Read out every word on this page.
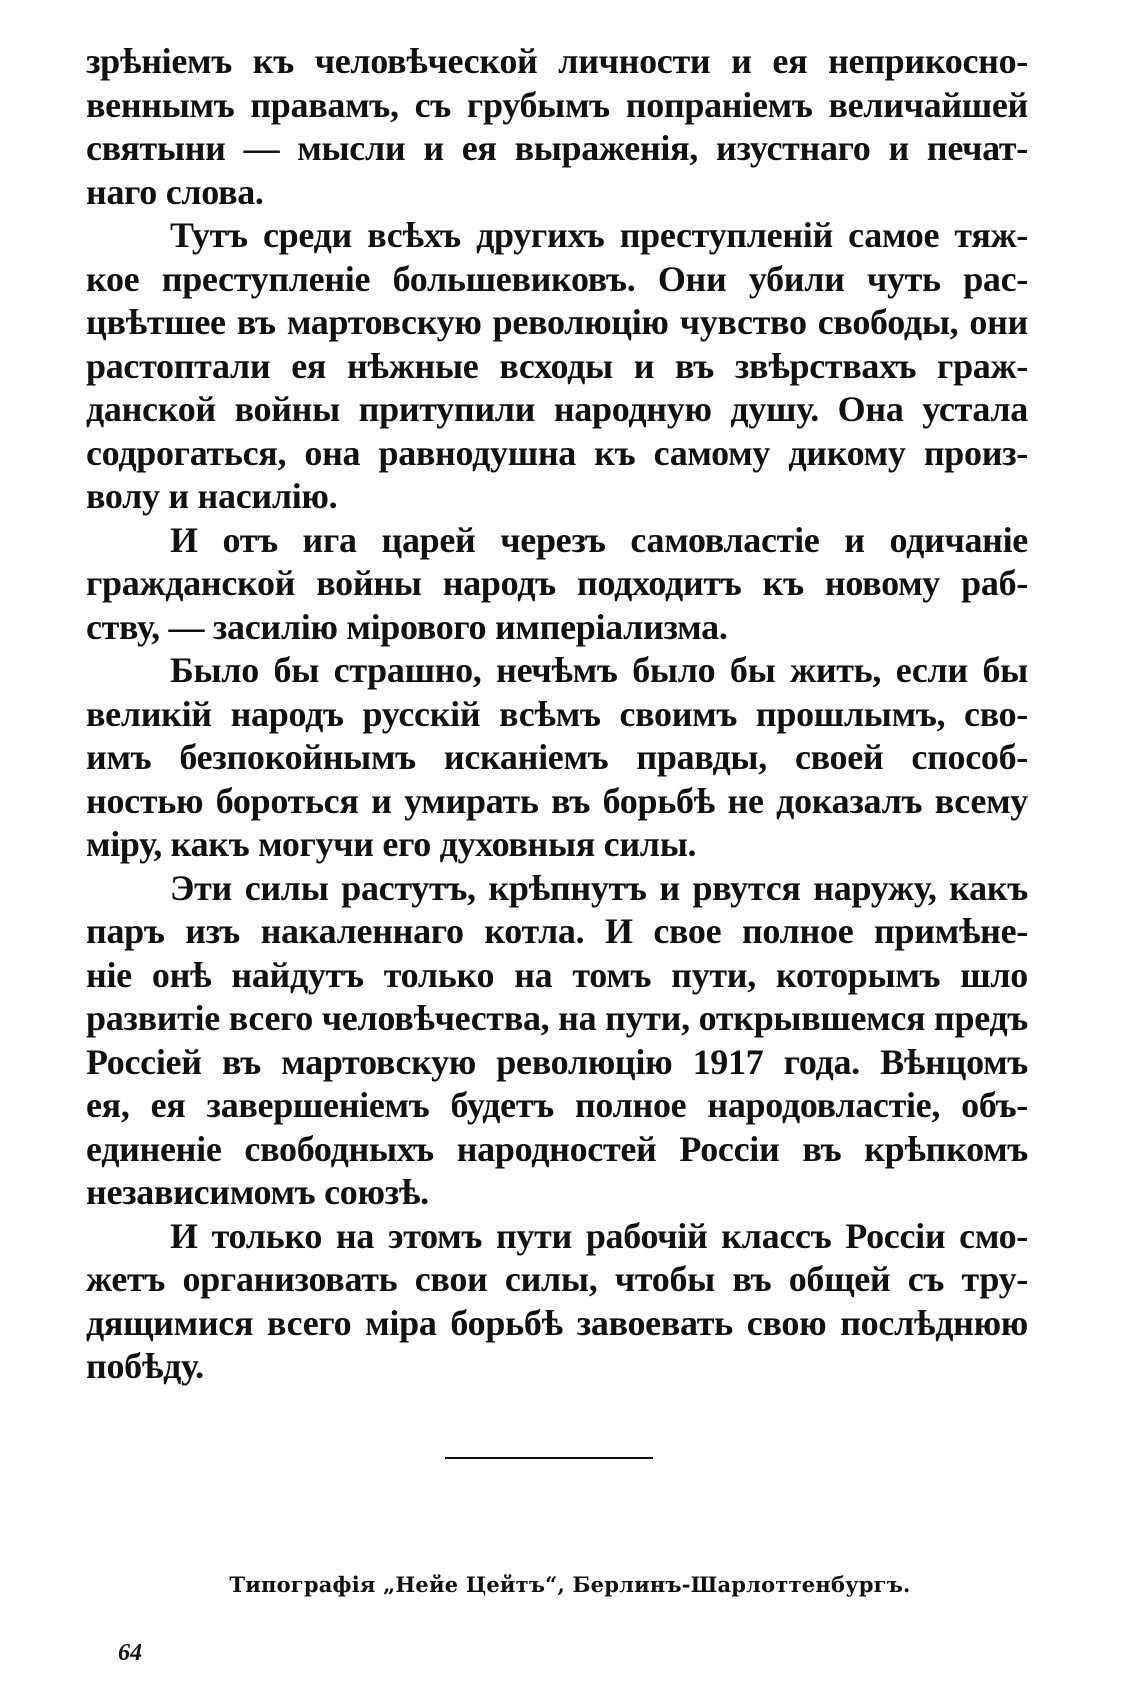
зрѣніемъ къ человѣческой личности и ея неприкосно-
веннымъ правамъ, съ грубымъ попраніемъ величайшей
святыни — мысли и ея выраженія, изустнаго и печат-
наго слова.
Тутъ среди всѣхъ другихъ преступленій самое тяж-
кое преступленіе большевиковъ. Они убили чуть рас-
цвѣтшее въ мартовскую революцію чувство свободы, они
растоптали ея нѣжные всходы и въ звѣрствахъ граж-
данской войны притупили народную душу. Она устала
содрогаться, она равнодушна къ самому дикому произ-
волу и насилію.
И отъ ига царей черезъ самовластіе и одичаніе
гражданской войны народъ подходитъ къ новому раб-
ству, — засилію мірового имперіализма.
Было бы страшно, нечѣмъ было бы жить, если бы
великій народъ русскій всѣмъ своимъ прошлымъ, сво-
имъ безпокойнымъ исканіемъ правды, своей способ-
ностью бороться и умирать въ борьбѣ не доказалъ всему
міру, какъ могучи его духовныя силы.
Эти силы растутъ, крѣпнутъ и рвутся наружу, какъ
паръ изъ накаленнаго котла. И свое полное примѣне-
ніе онѣ найдутъ только на томъ пути, которымъ шло
развитіе всего человѣчества, на пути, открывшемся предъ
Россіей въ мартовскую революцію 1917 года. Вѣнцомъ
ея, ея завершеніемъ будетъ полное народовластіе, объ-
единеніе свободныхъ народностей Россіи въ крѣпкомъ
независимомъ союзѣ.
И только на этомъ пути рабочій классъ Россіи смо-
жетъ организовать свои силы, чтобы въ общей съ тру-
дящимися всего міра борьбѣ завоевать свою послѣднюю
побѣду.
Типографія „Нейе Цейтъ“, Берлинъ-Шарлоттенбургъ.
64
